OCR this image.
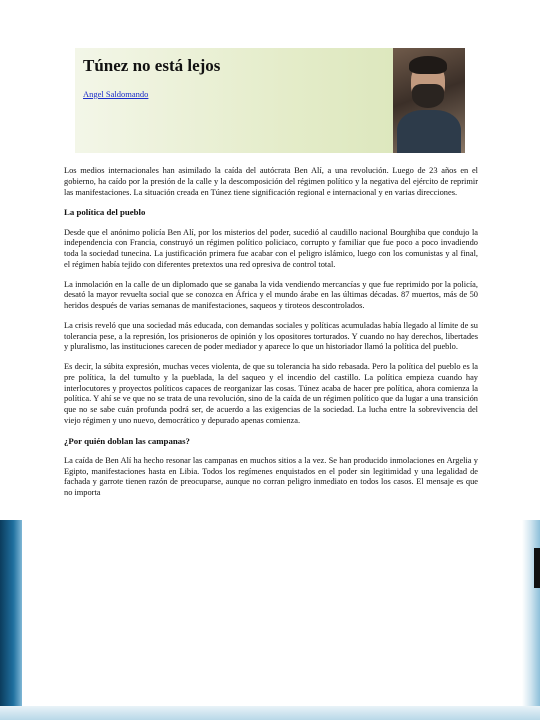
Túnez no está lejos
Angel Saldomando

Los medios internacionales han asimilado la caída del autócrata Ben Alí, a una revolución. Luego de 23 años en el gobierno, ha caído por la presión de la calle y la descomposición del régimen político y la negativa del ejército de reprimir las manifestaciones. La situación creada en Túnez tiene significación regional e internacional y en varias direcciones.

La política del pueblo

Desde que el anónimo policía Ben Alí, por los misterios del poder, sucedió al caudillo nacional Bourghiba que condujo la independencia con Francia, construyó un régimen político policiaco, corrupto y familiar que fue poco a poco invadiendo toda la sociedad tunecina. La justificación primera fue acabar con el peligro islámico, luego con los comunistas y al final, el régimen había tejido con diferentes pretextos una red opresiva de control total.

La inmolación en la calle de un diplomado que se ganaba la vida vendiendo mercancías y que fue reprimido por la policía, desató la mayor revuelta social que se conozca en África y el mundo árabe en las últimas décadas. 87 muertos, más de 50 heridos después de varias semanas de manifestaciones, saqueos y tiroteos descontrolados.

La crisis reveló que una sociedad más educada, con demandas sociales y políticas acumuladas había llegado al límite de su tolerancia pese, a la represión, los prisioneros de opinión y los opositores torturados. Y cuando no hay derechos, libertades y pluralismo, las instituciones carecen de poder mediador y aparece lo que un historiador llamó la política del pueblo.

Es decir, la súbita expresión, muchas veces violenta, de que su tolerancia ha sido rebasada. Pero la política del pueblo es la pre política, la del tumulto y la pueblada, la del saqueo y el incendio del castillo. La política empieza cuando hay interlocutores y proyectos políticos capaces de reorganizar las cosas. Túnez acaba de hacer pre política, ahora comienza la política. Y ahí se ve que no se trata de una revolución, sino de la caída de un régimen político que da lugar a una transición que no se sabe cuán profunda podrá ser, de acuerdo a las exigencias de la sociedad. La lucha entre la sobrevivencia del viejo régimen y uno nuevo, democrático y depurado apenas comienza.

¿Por quién doblan las campanas?

La caída de Ben Alí ha hecho resonar las campanas en muchos sitios a la vez. Se han producido inmolaciones en Argelia y Egipto, manifestaciones hasta en Libia. Todos los regímenes enquistados en el poder sin legitimidad y una legalidad de fachada y garrote tienen razón de preocuparse, aunque no corran peligro inmediato en todos los casos. El mensaje es que no importa
